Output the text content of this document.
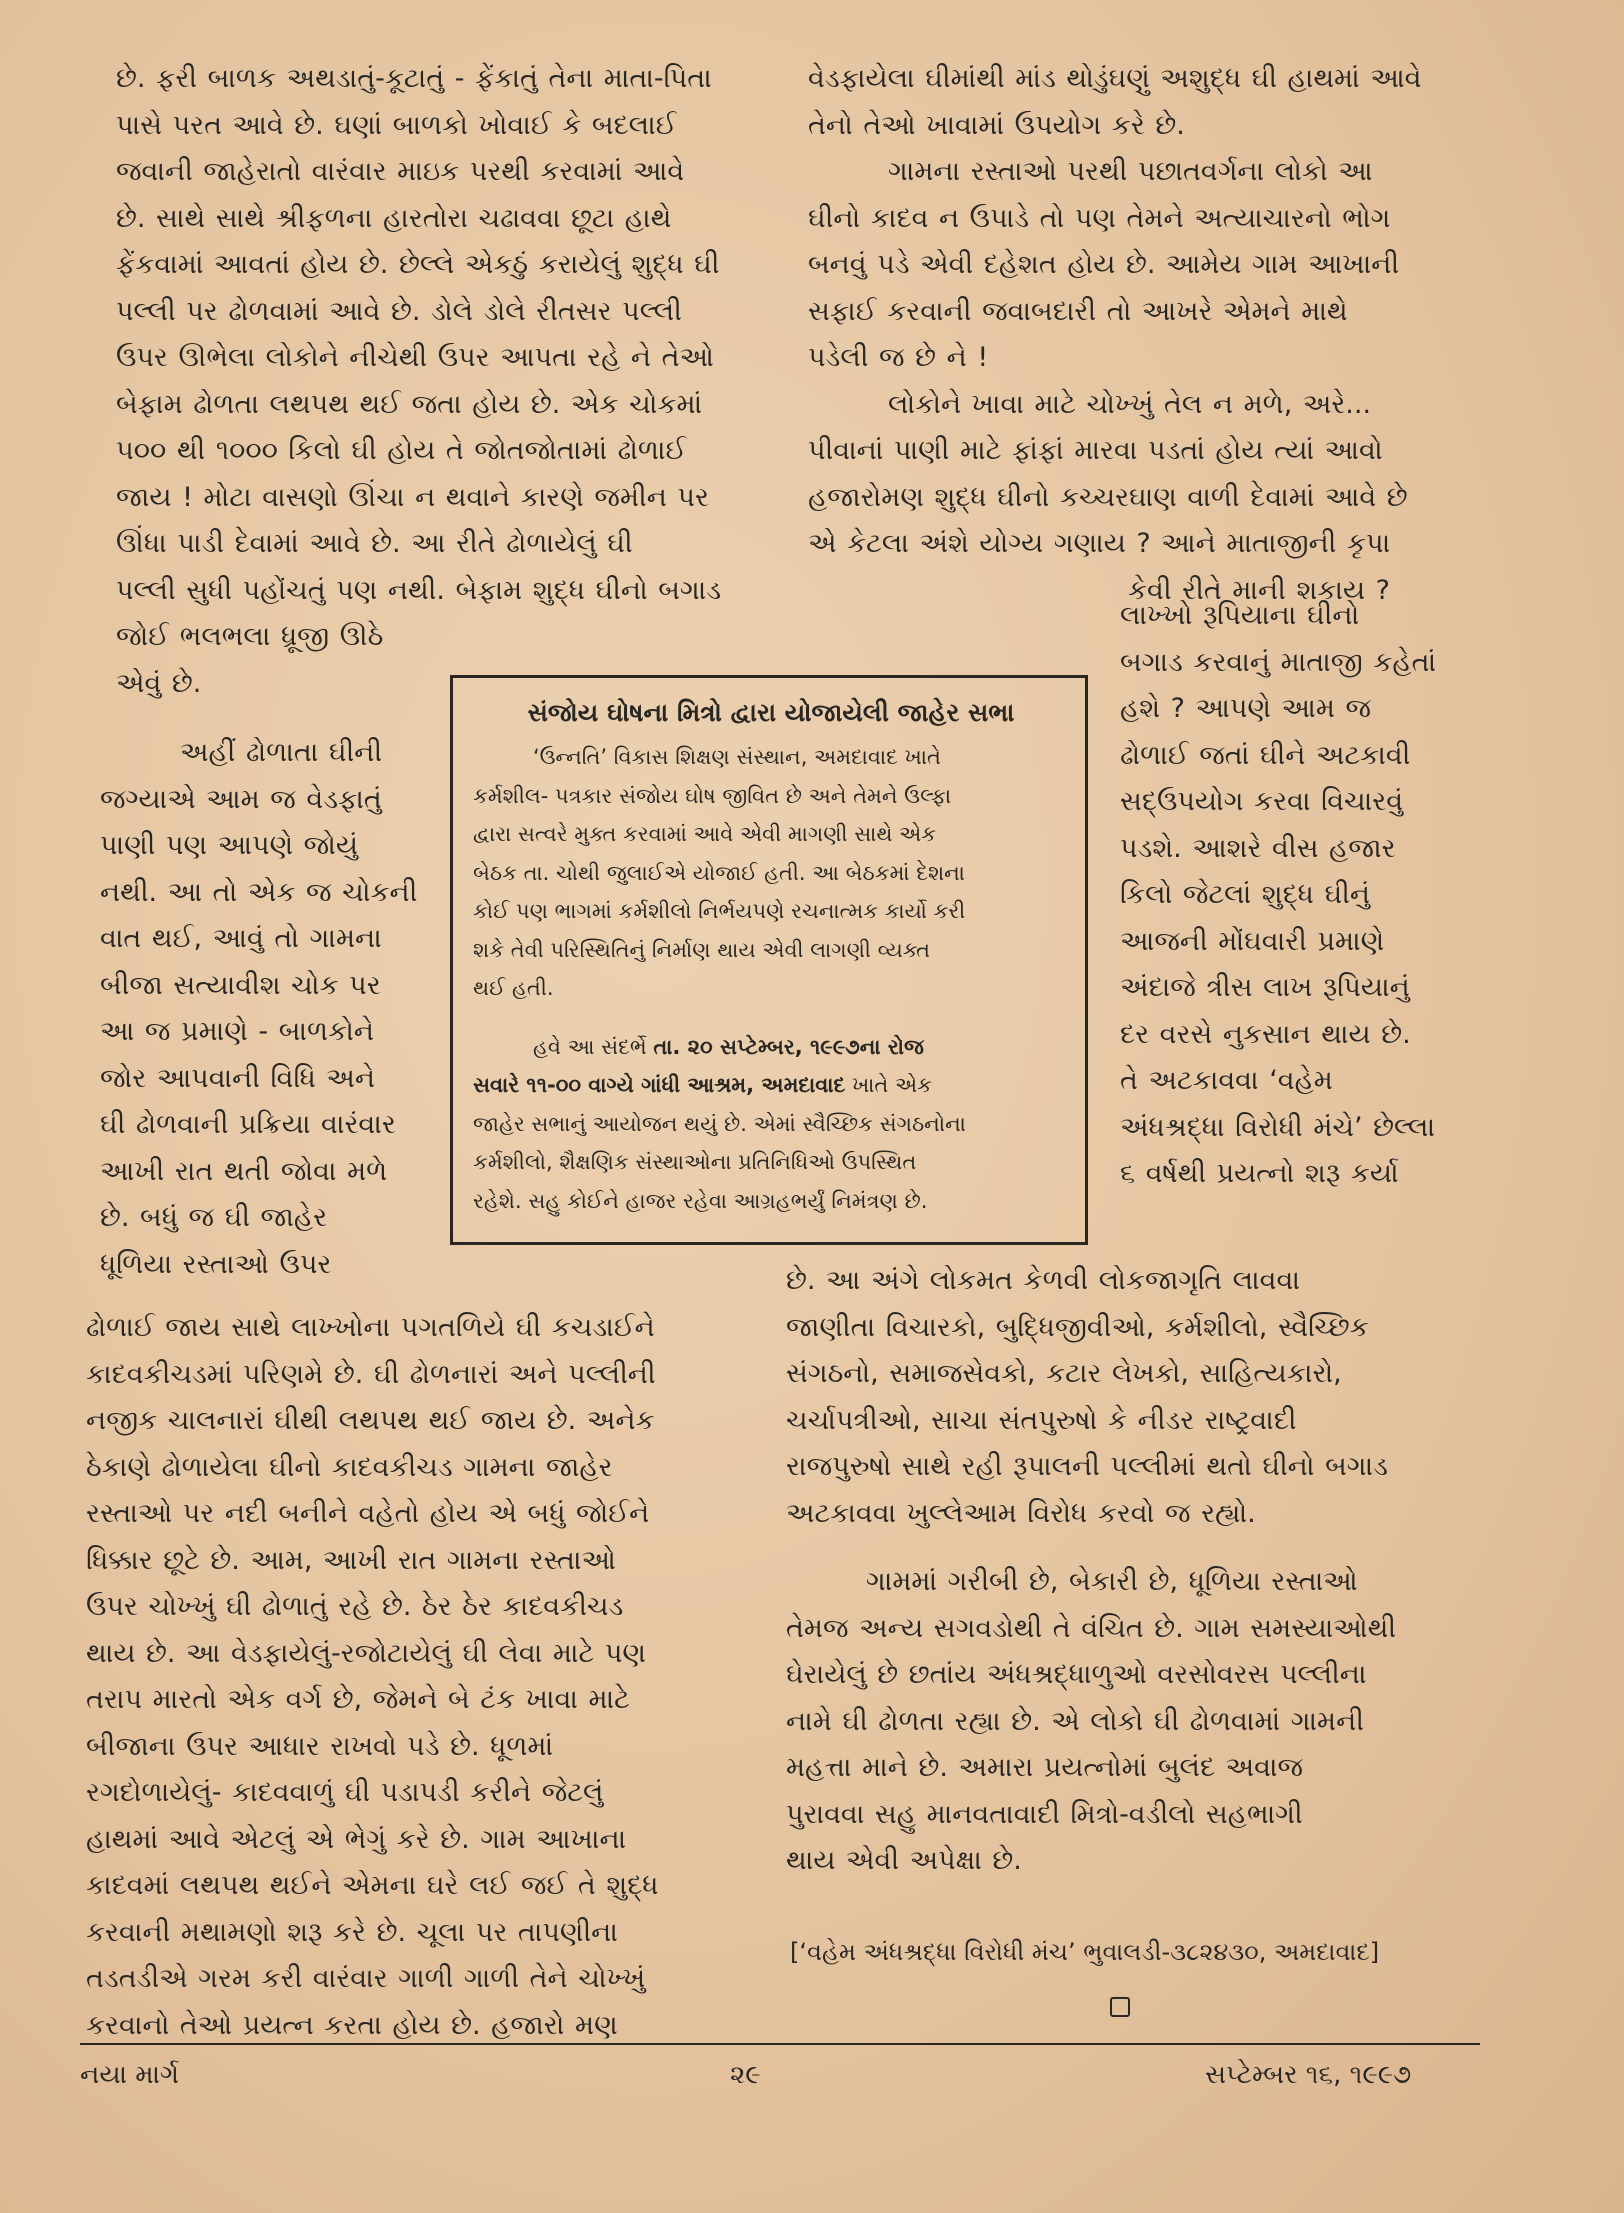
છે. ફરી બાળક અથડાતું-કૂટાતું - ફેંકાતું તેના માતા-પિતા
પાસે પરત આવે છે. ઘણાં બાળકો ખોવાઈ કે બદલાઈ
જવાની જાહેરાતો વારંવાર માઇક પરથી કરવામાં આવે
છે. સાથે સાથે શ્રીફળના હારતોરા ચઢાવવા છૂટા હાથે
ફેંકવામાં આવતાં હોય છે. છેલ્લે એકઠું કરાયેલું શુદ્ધ ઘી
પલ્લી પર ઢોળવામાં આવે છે. ડોલે ડોલે રીતસર પલ્લી
ઉપર ઊભેલા લોકોને નીચેથી ઉપર આપતા રહે ને તેઓ
બેફામ ઢોળતા લથપથ થઈ જતા હોય છે. એક ચોકમાં
૫૦૦ થી ૧૦૦૦ કિલો ઘી હોય તે જોતજોતામાં ઢોળાઈ
જાય ! મોટા વાસણો ઊંચા ન થવાને કારણે જમીન પર
ઊંધા પાડી દેવામાં આવે છે. આ રીતે ઢોળાયેલું ઘી
પલ્લી સુધી પહોંચતું પણ નથી. બેફામ શુદ્ધ ઘીનો બગાડ
જોઈ ભલભલા ધ્રૂજી ઊઠે
એવું છે.
અહીં ઢોળાતા ઘીની
જગ્યાએ આમ જ વેડફાતું
પાણી પણ આપણે જોયું
નથી. આ તો એક જ ચોકની
વાત થઈ, આવું તો ગામના
બીજા સત્યાવીશ ચોક પર
આ જ પ્રમાણે - બાળકોને
જોર આપવાની વિધિ અને
ઘી ઢોળવાની પ્રક્રિયા વારંવાર
આખી રાત થતી જોવા મળે
છે. બધું જ ઘી જાહેર
ધૂળિયા રસ્તાઓ ઉપર
ઢોળાઈ જાય સાથે લાખ્ખોના પગતળિયે ઘી કચડાઈને
કાદવકીચડમાં પરિણમે છે. ઘી ઢોળનારાં અને પલ્લીની
નજીક ચાલનારાં ઘીથી લથપથ થઈ જાય છે. અનેક
ઠેકાણે ઢોળાયેલા ઘીનો કાદવકીચડ ગામના જાહેર
રસ્તાઓ પર નદી બનીને વહેતો હોય એ બધું જોઈને
ધિક્કાર છૂટે છે. આમ, આખી રાત ગામના રસ્તાઓ
ઉપર ચોખ્ખું ઘી ઢોળાતું રહે છે. ઠેર ઠેર કાદવકીચડ
થાય છે. આ વેડફાયેલું-રજોટાયેલું ઘી લેવા માટે પણ
તરાપ મારતો એક વર્ગ છે, જેમને બે ટંક ખાવા માટે
બીજાના ઉપર આધાર રાખવો પડે છે. ધૂળમાં
રગદોળાયેલું- કાદવવાળું ઘી પડાપડી કરીને જેટલું
હાથમાં આવે એટલું એ ભેગું કરે છે. ગામ આખાના
કાદવમાં લથપથ થઈને એમના ઘરે લઈ જઈ તે શુદ્ધ
કરવાની મથામણો શરૂ કરે છે. ચૂલા પર તાપણીના
તડતડીએ ગરમ કરી વારંવાર ગાળી ગાળી તેને ચોખ્ખું
કરવાનો તેઓ પ્રયત્ન કરતા હોય છે. હજારો મણ
વેડફાયેલા ઘીમાંથી માંડ થોડુંઘણું અશુદ્ધ ઘી હાથમાં આવે
તેનો તેઓ ખાવામાં ઉપયોગ કરે છે.
ગામના રસ્તાઓ પરથી પછાતવર્ગના લોકો આ
ઘીનો કાદવ ન ઉપાડે તો પણ તેમને અત્યાચારનો ભોગ
બનવું પડે એવી દહેશત હોય છે. આમેય ગામ આખાની
સફાઈ કરવાની જવાબદારી તો આખરે એમને માથે
પડેલી જ છે ને !
લોકોને ખાવા માટે ચોખ્ખું તેલ ન મળે, અરે...
પીવાનાં પાણી માટે ફાંફાં મારવા પડતાં હોય ત્યાં આવો
હજારોમણ શુદ્ધ ઘીનો કચ્ચરઘાણ વાળી દેવામાં આવે છે
એ કેટલા અંશે યોગ્ય ગણાય ? આને માતાજીની કૃપા
કેવી રીતે માની શકાય ?
લાખ્ખો રૂપિયાના ઘીનો
બગાડ કરવાનું માતાજી કહેતાં
હશે ? આપણે આમ જ
ઢોળાઈ જતાં ઘીને અટકાવી
સદ્‌ઉપયોગ કરવા વિચારવું
પડશે. આશરે વીસ હજાર
કિલો જેટલાં શુદ્ધ ઘીનું
આજની મોંઘવારી પ્રમાણે
અંદાજે ત્રીસ લાખ રૂપિયાનું
દર વરસે નુકસાન થાય છે.
તે અટકાવવા ‘વહેમ
અંધશ્રદ્ધા વિરોધી મંચે’ છેલ્લા
૬ વર્ષથી પ્રયત્નો શરૂ કર્યા
છે. આ અંગે લોકમત કેળવી લોકજાગૃતિ લાવવા
જાણીતા વિચારકો, બુદ્ધિજીવીઓ, કર્મશીલો, સ્વૈચ્છિક
સંગઠનો, સમાજસેવકો, કટાર લેખકો, સાહિત્યકારો,
ચર્ચાપત્રીઓ, સાચા સંતપુરુષો કે નીડર રાષ્ટ્રવાદી
રાજપુરુષો સાથે રહી રૂપાલની પલ્લીમાં થતો ઘીનો બગાડ
અટકાવવા ખુલ્લેઆમ વિરોધ કરવો જ રહ્યો.
ગામમાં ગરીબી છે, બેકારી છે, ધૂળિયા રસ્તાઓ
તેમજ અન્ય સગવડોથી તે વંચિત છે. ગામ સમસ્યાઓથી
ઘેરાયેલું છે છતાંય અંધશ્રદ્ધાળુઓ વરસોવરસ પલ્લીના
નામે ઘી ઢોળતા રહ્યા છે. એ લોકો ઘી ઢોળવામાં ગામની
મહત્તા માને છે. અમારા પ્રયત્નોમાં બુલંદ અવાજ
પુરાવવા સહુ માનવતાવાદી મિત્રો-વડીલો સહભાગી
થાય એવી અપેક્ષા છે.
સંજોય ઘોષના મિત્રો દ્વારા યોજાયેલી જાહેર સભા
‘ઉન્નતિ’ વિકાસ શિક્ષણ સંસ્થાન, અમદાવાદ ખાતે
કર્મશીલ- પત્રકાર સંજોય ઘોષ જીવિત છે અને તેમને ઉલ્ફા
દ્વારા સત્વરે મુક્ત કરવામાં આવે એવી માગણી સાથે એક
બેઠક તા. ચોથી જુલાઈએ યોજાઈ હતી. આ બેઠકમાં દેશના
કોઈ પણ ભાગમાં કર્મશીલો નિર્ભયપણે રચનાત્મક કાર્યો કરી
શકે તેવી પરિસ્થિતિનું નિર્માણ થાય એવી લાગણી વ્યક્ત
થઈ હતી.
હવે આ સંદર્ભે તા. ૨૦ સપ્ટેમ્બર, ૧૯૯૭ના રોજ
સવારે ૧૧-૦૦ વાગ્યે ગાંધી આશ્રમ, અમદાવાદ ખાતે એક
જાહેર સભાનું આયોજન થયું છે. એમાં સ્વૈચ્છિક સંગઠનોના
કર્મશીલો, શૈક્ષણિક સંસ્થાઓના પ્રતિનિધિઓ ઉપસ્થિત
રહેશે. સહુ કોઈને હાજર રહેવા આગ્રહભર્યું નિમંત્રણ છે.
[‘વહેમ અંધશ્રદ્ધા વિરોધી મંચ’ ભુવાલડી-૩૮૨૪૩૦, અમદાવાદ]
નયા માર્ગ	૨૯	સપ્ટેમ્બર ૧૬, ૧૯૯૭
